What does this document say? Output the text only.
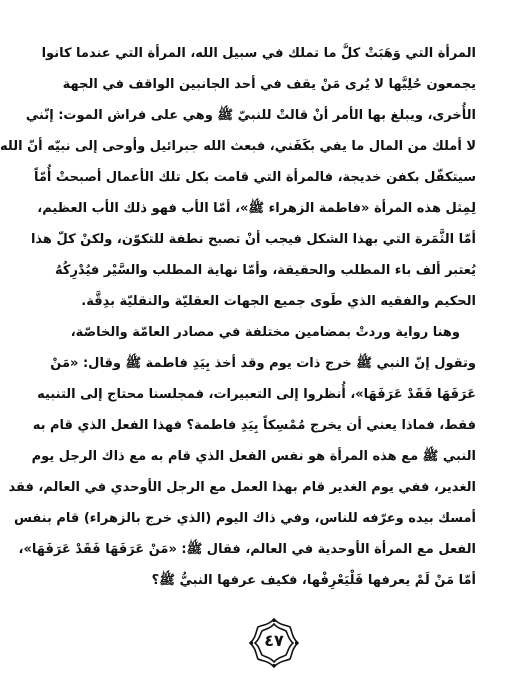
المرأة التي وَهَبَتْ كلَّ ما تملك في سبيل الله، المرأة التي عندما كانوا
يجمعون حُلِيَّها لا يُرى مَنْ يقف في أحد الجانبين الواقف في الجهة
الأُخرى، ويبلغ بها الأمر أنْ قالتْ للنبيّ ﷺ وهي على فراش الموت: إنّني
لا أملك من المال ما يفي بكَفَني، فبعث الله جبرائيل وأوحى إلى نبيّه أنّ الله
سيتكفّل بكفن خديجة، فالمرأة التي قامت بكل تلك الأعمال أصبحتْ أُمّاً
لِمِثل هذه المرأة «فاطمة الزهراء ﷺ»، أمّا الأب فهو ذلك الأب العظيم،
أمّا الثَّمَرة التي بهذا الشكل فيجب أنْ تصبح نطفة للتكوّن، ولكنْ كلّ هذا
يُعتبر ألف باء المطلب والحقيقة، وأمّا نهاية المطلب والسَّيْر فيُدْرِكُهُ
الحكيم والفقيه الذي طَوى جميع الجهات العقليّة والنقليّة بدِقَّة.
وهنا رواية وردتْ بمضامين مختلفة في مصادر العامّة والخاصّة،
وتقول إنّ النبي ﷺ خرج ذات يوم وقد أخذ بِيَدِ فاطمة ﷺ وقال: «مَنْ
عَرَفَهَا فَقَدْ عَرَفَهَا»، أُنظروا إلى التعبيرات، فمجلسنا محتاج إلى التنبيه
فقط، فماذا يعني أن يخرج مُمْسِكاً بِيَدِ فاطمة؟ فهذا الفعل الذي قام به
النبي ﷺ مع هذه المرأة هو نفس الفعل الذي قام به مع ذاك الرجل يوم
الغدير، ففي يوم الغدير قام بهذا العمل مع الرجل الأوحدي في العالم، فقد
أمسك بيده وعرّفه للناس، وفي ذاك اليوم (الذي خرج بالزهراء) قام بنفس
الفعل مع المرأة الأوحدية في العالم، فقال ﷺ: «مَنْ عَرَفَهَا فَقَدْ عَرَفَهَا»،
أمّا مَنْ لَمْ يعرفها فَلْيَعْرِفْها، فكيف عرفها النبيُّ ﷺ؟
٤٧
